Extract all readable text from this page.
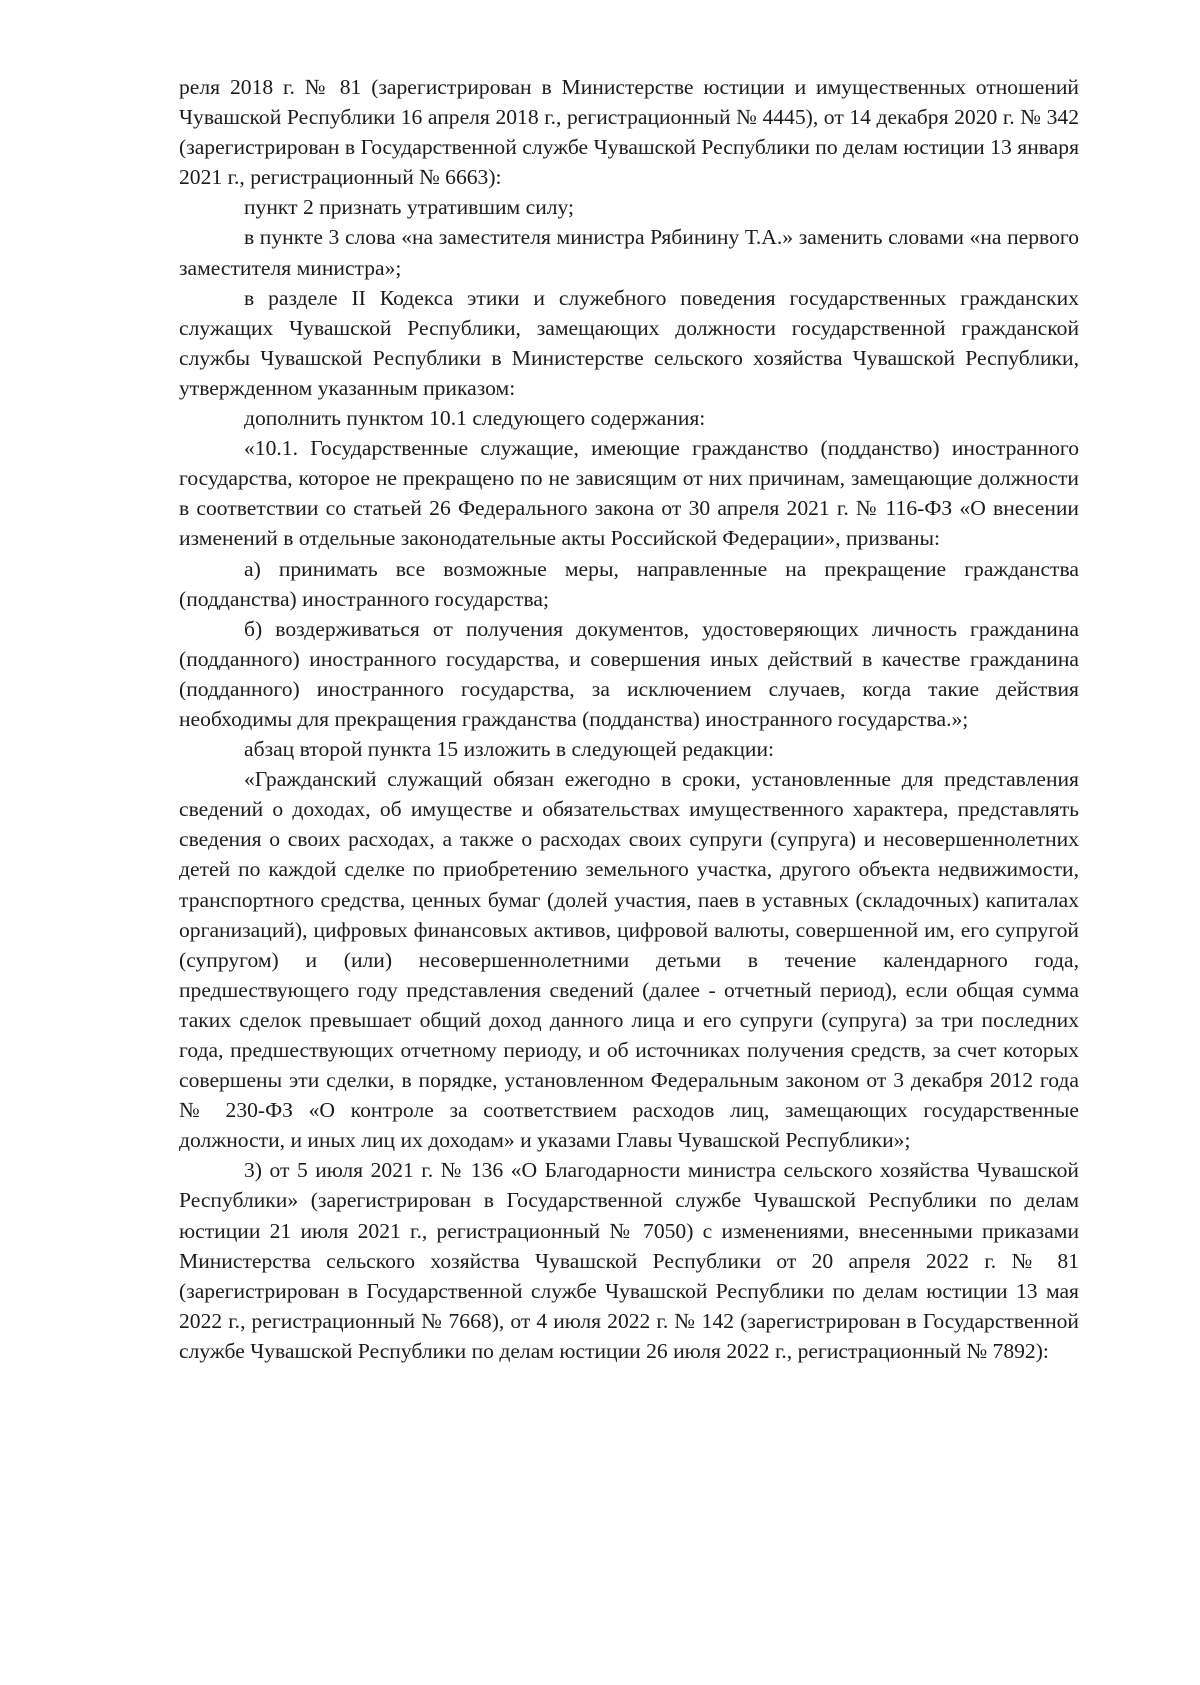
реля 2018 г. № 81 (зарегистрирован в Министерстве юстиции и имущественных отношений Чувашской Республики 16 апреля 2018 г., регистрационный № 4445), от 14 декабря 2020 г. № 342 (зарегистрирован в Государственной службе Чувашской Республики по делам юстиции 13 января 2021 г., регистрационный № 6663):

пункт 2 признать утратившим силу;

в пункте 3 слова «на заместителя министра Рябинину Т.А.» заменить словами «на первого заместителя министра»;

в разделе II Кодекса этики и служебного поведения государственных гражданских служащих Чувашской Республики, замещающих должности государственной гражданской службы Чувашской Республики в Министерстве сельского хозяйства Чувашской Республики, утвержденном указанным приказом:

дополнить пунктом 10.1 следующего содержания:

«10.1. Государственные служащие, имеющие гражданство (подданство) иностранного государства, которое не прекращено по не зависящим от них причинам, замещающие должности в соответствии со статьей 26 Федерального закона от 30 апреля 2021 г. № 116-ФЗ «О внесении изменений в отдельные законодательные акты Российской Федерации», призваны:

а) принимать все возможные меры, направленные на прекращение гражданства (подданства) иностранного государства;

б) воздерживаться от получения документов, удостоверяющих личность гражданина (подданного) иностранного государства, и совершения иных действий в качестве гражданина (подданного) иностранного государства, за исключением случаев, когда такие действия необходимы для прекращения гражданства (подданства) иностранного государства.»;

абзац второй пункта 15 изложить в следующей редакции:

«Гражданский служащий обязан ежегодно в сроки, установленные для представления сведений о доходах, об имуществе и обязательствах имущественного характера, представлять сведения о своих расходах, а также о расходах своих супруги (супруга) и несовершеннолетних детей по каждой сделке по приобретению земельного участка, другого объекта недвижимости, транспортного средства, ценных бумаг (долей участия, паев в уставных (складочных) капиталах организаций), цифровых финансовых активов, цифровой валюты, совершенной им, его супругой (супругом) и (или) несовершеннолетними детьми в течение календарного года, предшествующего году представления сведений (далее - отчетный период), если общая сумма таких сделок превышает общий доход данного лица и его супруги (супруга) за три последних года, предшествующих отчетному периоду, и об источниках получения средств, за счет которых совершены эти сделки, в порядке, установленном Федеральным законом от 3 декабря 2012 года № 230-ФЗ «О контроле за соответствием расходов лиц, замещающих государственные должности, и иных лиц их доходам» и указами Главы Чувашской Республики»;

3) от 5 июля 2021 г. № 136 «О Благодарности министра сельского хозяйства Чувашской Республики» (зарегистрирован в Государственной службе Чувашской Республики по делам юстиции 21 июля 2021 г., регистрационный № 7050) с изменениями, внесенными приказами Министерства сельского хозяйства Чувашской Республики от 20 апреля 2022 г. № 81 (зарегистрирован в Государственной службе Чувашской Республики по делам юстиции 13 мая 2022 г., регистрационный № 7668), от 4 июля 2022 г. № 142 (зарегистрирован в Государственной службе Чувашской Республики по делам юстиции 26 июля 2022 г., регистрационный № 7892):
